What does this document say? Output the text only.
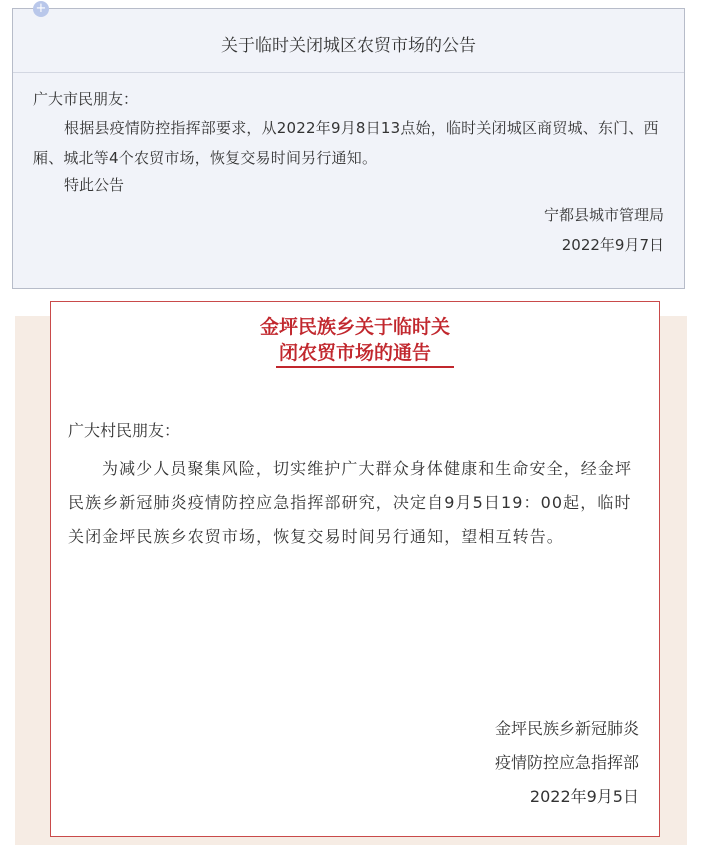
+
关于临时关闭城区农贸市场的公告
广大市民朋友：
根据县疫情防控指挥部要求，从2022年9月8日13点始，临时关闭城区商贸城、东门、西厢、城北等4个农贸市场，恢复交易时间另行通知。
特此公告
宁都县城市管理局
2022年9月7日
金坪民族乡关于临时关
闭农贸市场的通告
广大村民朋友：
为减少人员聚集风险，切实维护广大群众身体健康和生命安全，经金坪民族乡新冠肺炎疫情防控应急指挥部研究，决定自9月5日19：00起，临时关闭金坪民族乡农贸市场，恢复交易时间另行通知，望相互转告。
金坪民族乡新冠肺炎
疫情防控应急指挥部
2022年9月5日
